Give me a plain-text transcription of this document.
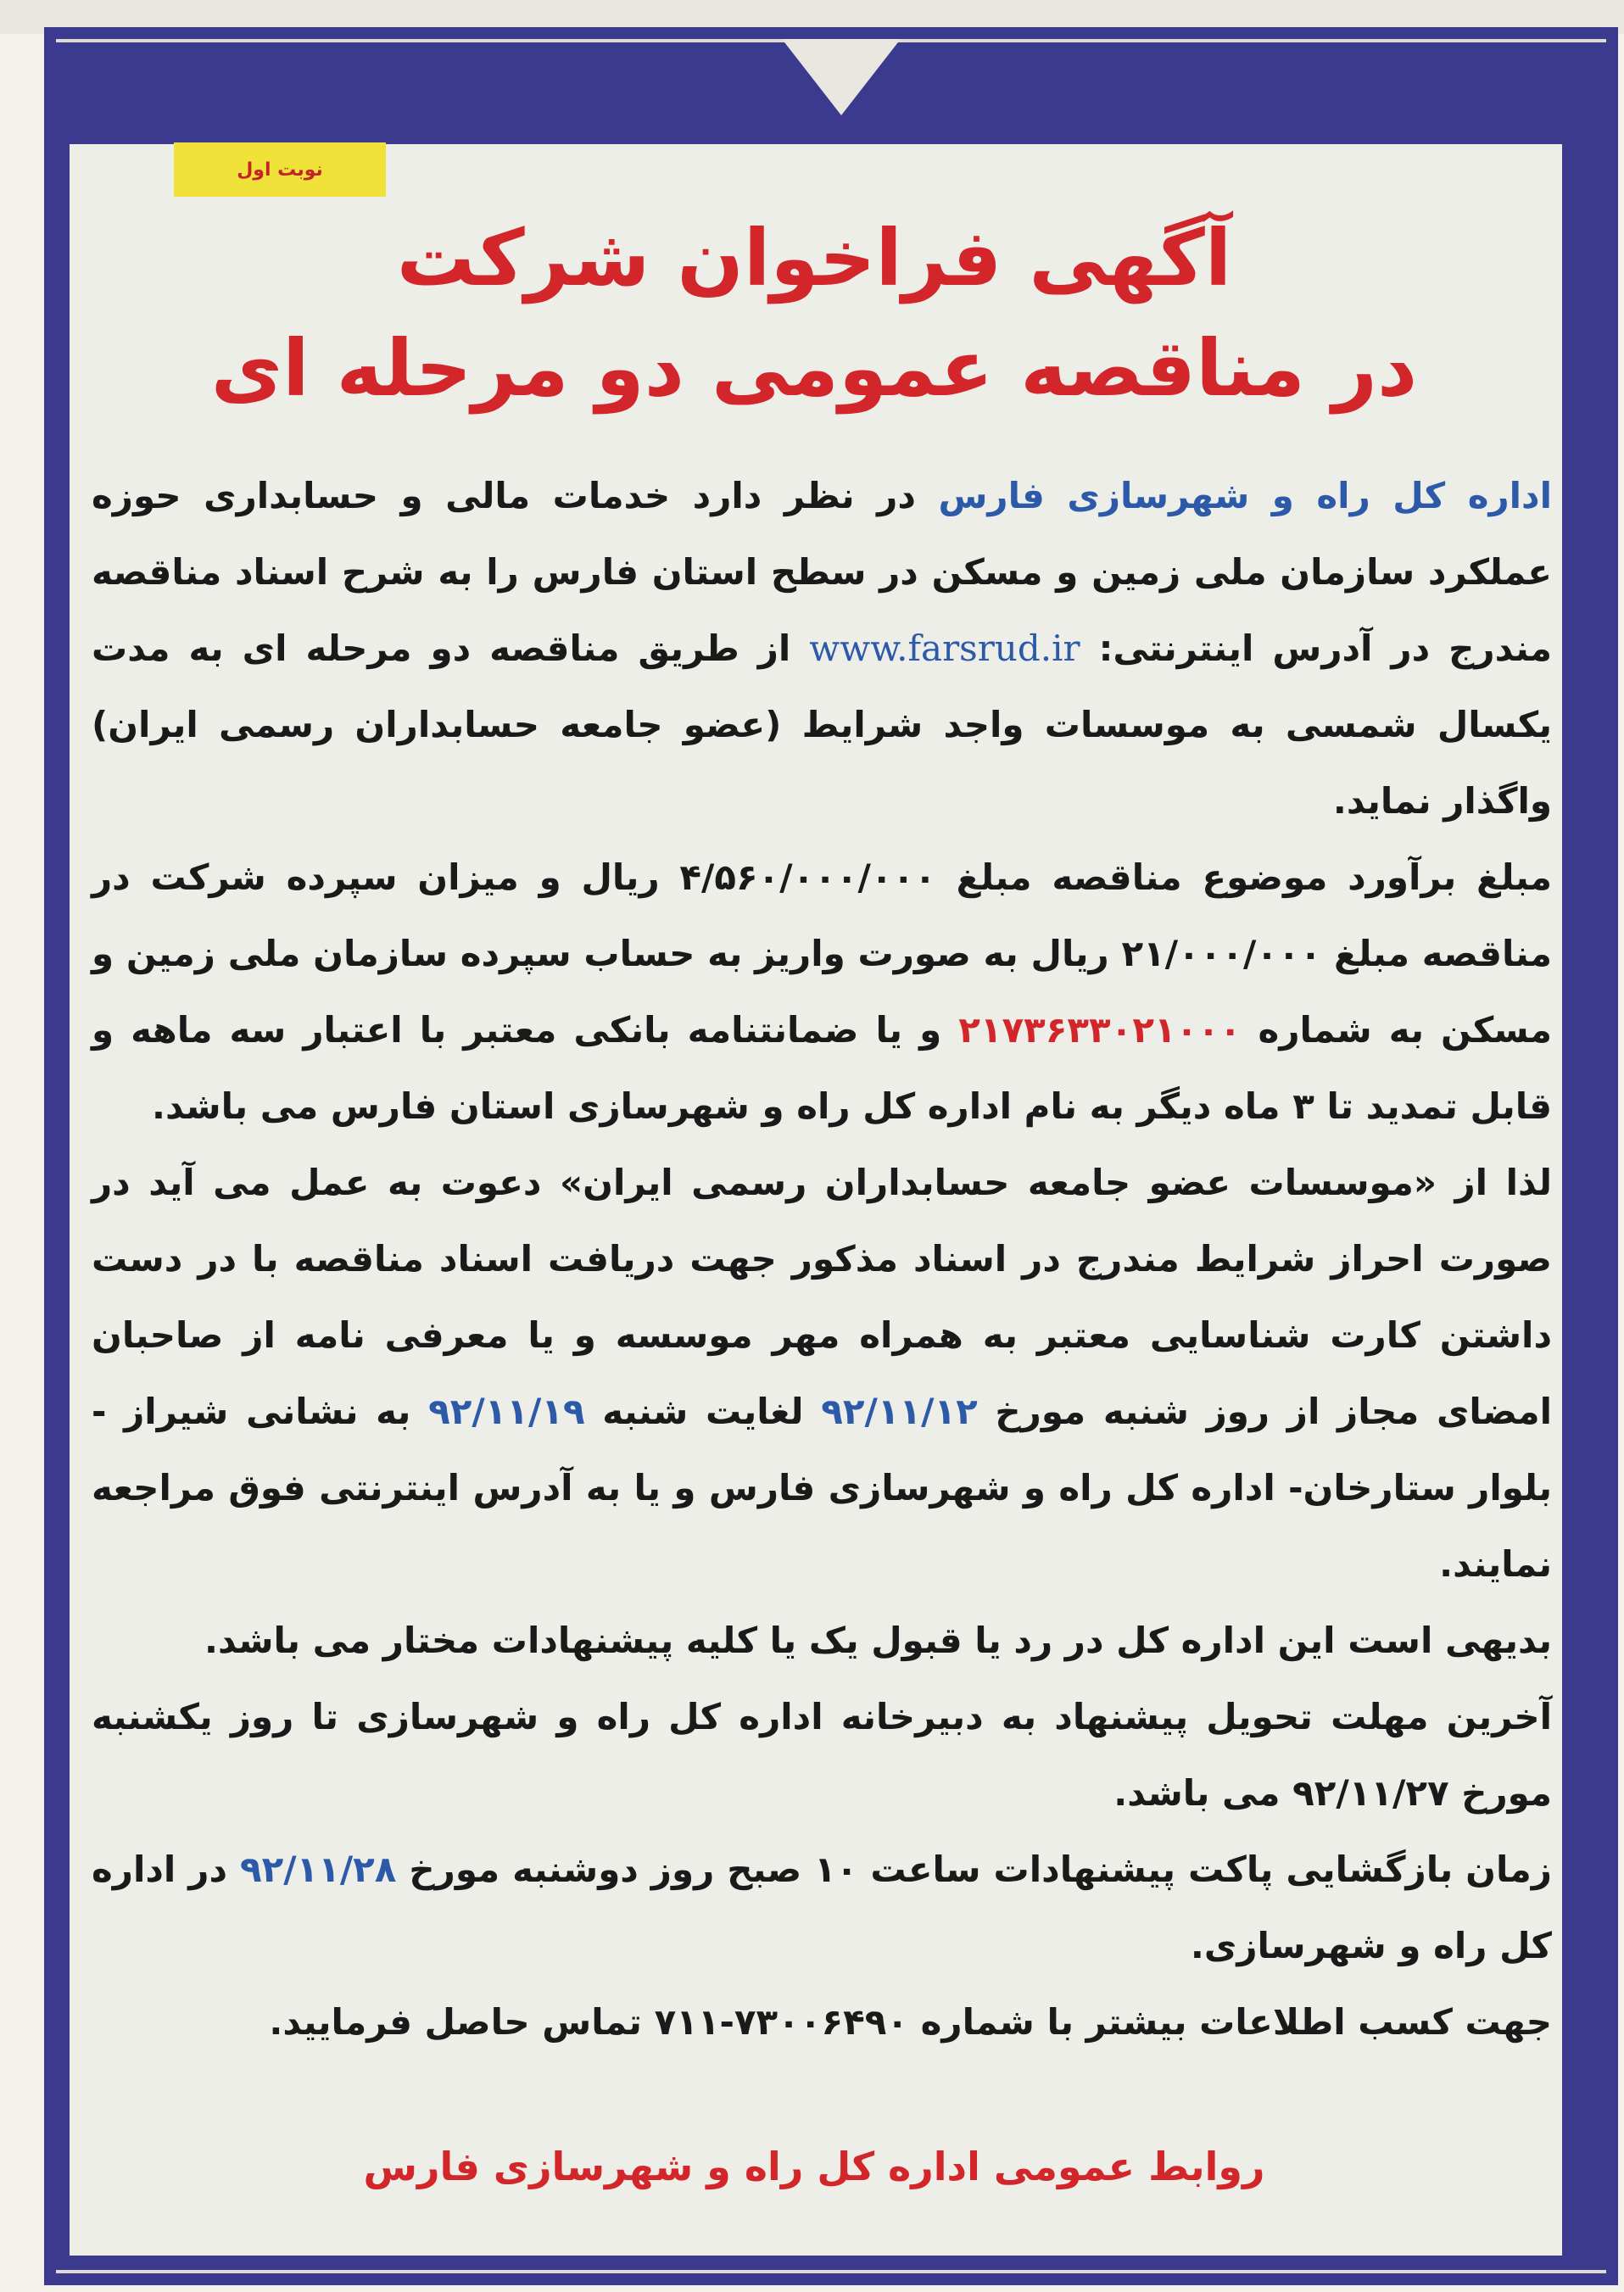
نوبت اول
آگهی فراخوان شرکت
در مناقصه عمومی دو مرحله ای

اداره کل راه و شهرسازی فارس در نظر دارد خدمات مالی و حسابداری حوزه عملکرد سازمان ملی زمین و مسکن در سطح استان فارس را به شرح اسناد مناقصه مندرج در آدرس اینترنتی: www.farsrud.ir از طریق مناقصه دو مرحله ای به مدت یکسال شمسی به موسسات واجد شرایط (عضو جامعه حسابداران رسمی ایران) واگذار نماید.

مبلغ برآورد موضوع مناقصه مبلغ ۴/۵۶۰/۰۰۰/۰۰۰ ریال و میزان سپرده شرکت در مناقصه مبلغ ۲۱/۰۰۰/۰۰۰ ریال به صورت واریز به حساب سپرده سازمان ملی زمین و مسکن به شماره ۲۱۷۳۶۳۳۰۲۱۰۰۰ و یا ضمانتنامه بانکی معتبر با اعتبار سه ماهه و قابل تمدید تا ۳ ماه دیگر به نام اداره کل راه و شهرسازی استان فارس می باشد.

لذا از «موسسات عضو جامعه حسابداران رسمی ایران» دعوت به عمل می آید در صورت احراز شرایط مندرج در اسناد مذکور جهت دریافت اسناد مناقصه با در دست داشتن کارت شناسایی معتبر به همراه مهر موسسه و یا معرفی نامه از صاحبان امضای مجاز از روز شنبه مورخ ۹۲/۱۱/۱۲ لغایت شنبه ۹۲/۱۱/۱۹ به نشانی شیراز - بلوار ستارخان- اداره کل راه و شهرسازی فارس و یا به آدرس اینترنتی فوق مراجعه نمایند.

بدیهی است این اداره کل در رد یا قبول یک یا کلیه پیشنهادات مختار می باشد.

آخرین مهلت تحویل پیشنهاد به دبیرخانه اداره کل راه و شهرسازی تا روز یکشنبه مورخ ۹۲/۱۱/۲۷ می باشد.

زمان بازگشایی پاکت پیشنهادات ساعت ۱۰ صبح روز دوشنبه مورخ ۹۲/۱۱/۲۸ در اداره کل راه و شهرسازی.

جهت کسب اطلاعات بیشتر با شماره ۷۳۰۰۶۴۹۰-۷۱۱ تماس حاصل فرمایید.

روابط عمومی اداره کل راه و شهرسازی فارس
